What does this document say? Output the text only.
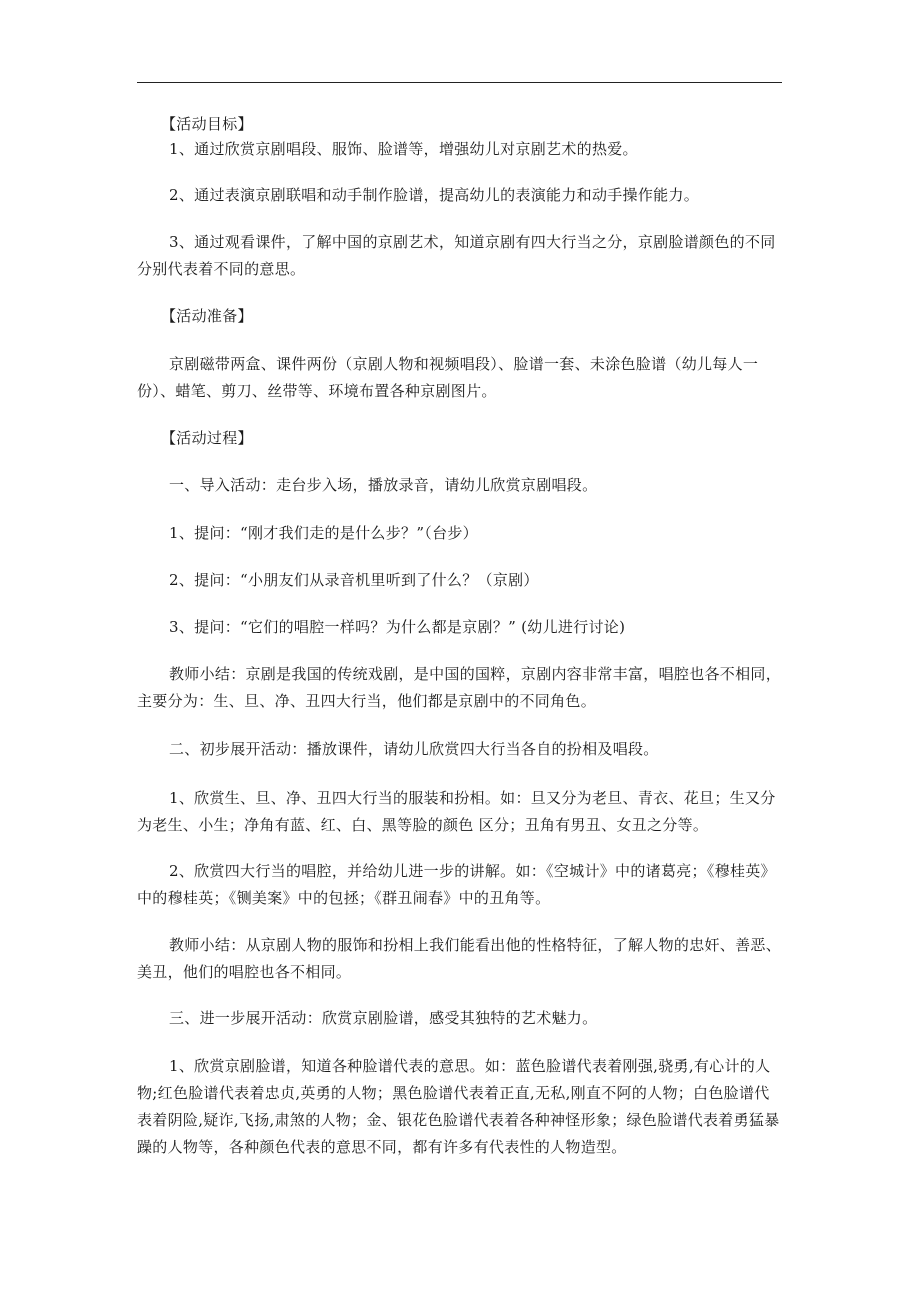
【活动目标】

1、通过欣赏京剧唱段、服饰、脸谱等，增强幼儿对京剧艺术的热爱。

2、通过表演京剧联唱和动手制作脸谱，提高幼儿的表演能力和动手操作能力。

3、通过观看课件，了解中国的京剧艺术，知道京剧有四大行当之分，京剧脸谱颜色的不同分别代表着不同的意思。

【活动准备】

京剧磁带两盒、课件两份（京剧人物和视频唱段）、脸谱一套、未涂色脸谱（幼儿每人一份）、蜡笔、剪刀、丝带等、环境布置各种京剧图片。

【活动过程】

一、导入活动：走台步入场，播放录音，请幼儿欣赏京剧唱段。

1、提问：“刚才我们走的是什么步？”（台步）

2、提问：“小朋友们从录音机里听到了什么？（京剧）

3、提问：“它们的唱腔一样吗？为什么都是京剧？” (幼儿进行讨论)

教师小结：京剧是我国的传统戏剧，是中国的国粹，京剧内容非常丰富，唱腔也各不相同，主要分为：生、旦、净、丑四大行当，他们都是京剧中的不同角色。

二、初步展开活动：播放课件，请幼儿欣赏四大行当各自的扮相及唱段。

1、欣赏生、旦、净、丑四大行当的服装和扮相。如：旦又分为老旦、青衣、花旦；生又分为老生、小生；净角有蓝、红、白、黑等脸的颜色 区分；丑角有男丑、女丑之分等。

2、欣赏四大行当的唱腔，并给幼儿进一步的讲解。如：《空城计》中的诸葛亮；《穆桂英》中的穆桂英；《铡美案》中的包拯；《群丑闹春》中的丑角等。

教师小结：从京剧人物的服饰和扮相上我们能看出他的性格特征，了解人物的忠奸、善恶、美丑，他们的唱腔也各不相同。

三、进一步展开活动：欣赏京剧脸谱，感受其独特的艺术魅力。

1、欣赏京剧脸谱，知道各种脸谱代表的意思。如：蓝色脸谱代表着刚强,骁勇,有心计的人物;红色脸谱代表着忠贞,英勇的人物；黑色脸谱代表着正直,无私,刚直不阿的人物；白色脸谱代表着阴险,疑诈,飞扬,肃煞的人物；金、银花色脸谱代表着各种神怪形象；绿色脸谱代表着勇猛暴躁的人物等，各种颜色代表的意思不同，都有许多有代表性的人物造型。
